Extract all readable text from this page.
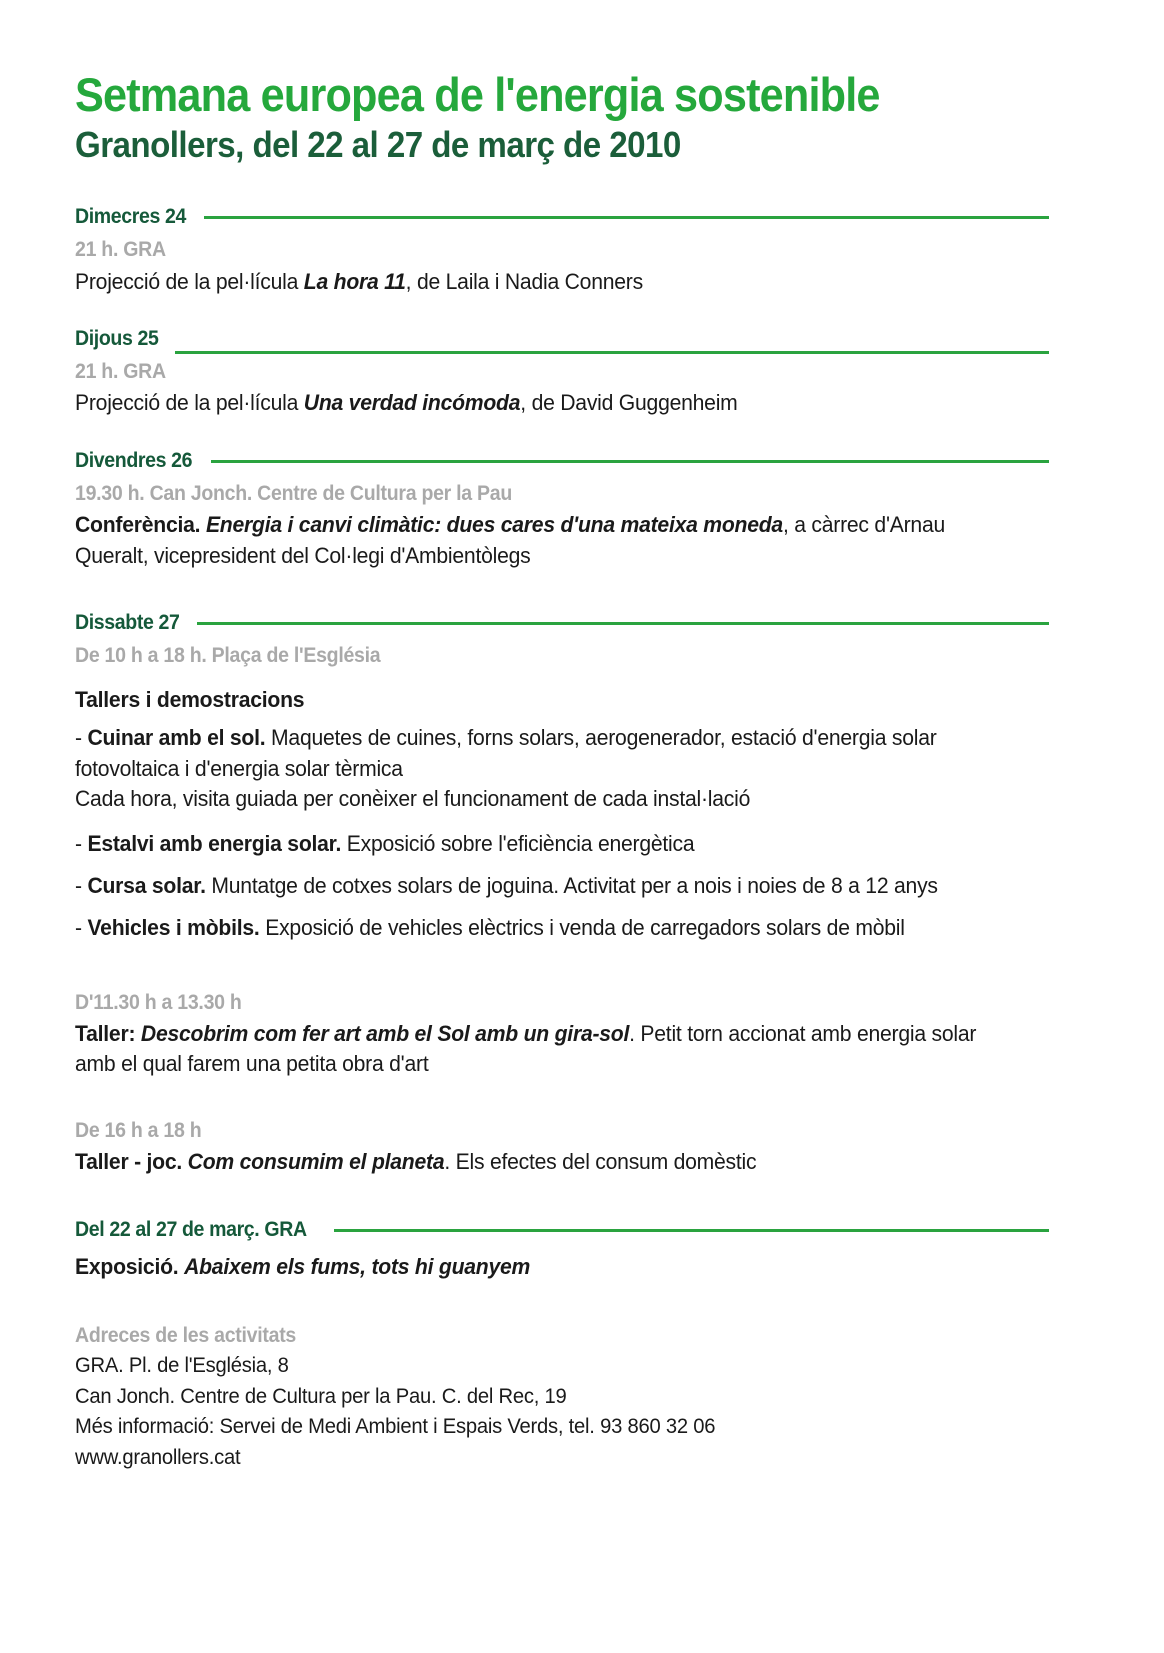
Setmana europea de l'energia sostenible
Granollers, del 22 al 27 de març de 2010
Dimecres 24
21 h. GRA
Projecció de la pel·lícula La hora 11, de Laila i Nadia Conners
Dijous 25
21 h. GRA
Projecció de la pel·lícula Una verdad incómoda, de David Guggenheim
Divendres 26
19.30 h. Can Jonch. Centre de Cultura per la Pau
Conferència. Energia i canvi climàtic: dues cares d'una mateixa moneda, a càrrec d'Arnau Queralt, vicepresident del Col·legi d'Ambientòlegs
Dissabte 27
De 10 h a 18 h. Plaça de l'Església
Tallers i demostracions
- Cuinar amb el sol. Maquetes de cuines, forns solars, aerogenerador, estació d'energia solar fotovoltaica i d'energia solar tèrmica
Cada hora, visita guiada per conèixer el funcionament de cada instal·lació
- Estalvi amb energia solar. Exposició sobre l'eficiència energètica
- Cursa solar. Muntatge de cotxes solars de joguina. Activitat per a nois i noies de 8 a 12 anys
- Vehicles i mòbils. Exposició de vehicles elèctrics i venda de carregadors solars de mòbil
D'11.30 h a 13.30 h
Taller: Descobrim com fer art amb el Sol amb un gira-sol. Petit torn accionat amb energia solar amb el qual farem una petita obra d'art
De 16 h a 18 h
Taller - joc. Com consumim el planeta. Els efectes del consum domèstic
Del 22 al 27 de març. GRA
Exposició. Abaixem els fums, tots hi guanyem
Adreces de les activitats
GRA. Pl. de l'Església, 8
Can Jonch. Centre de Cultura per la Pau. C. del Rec, 19
Més informació: Servei de Medi Ambient i Espais Verds, tel. 93 860 32 06
www.granollers.cat
